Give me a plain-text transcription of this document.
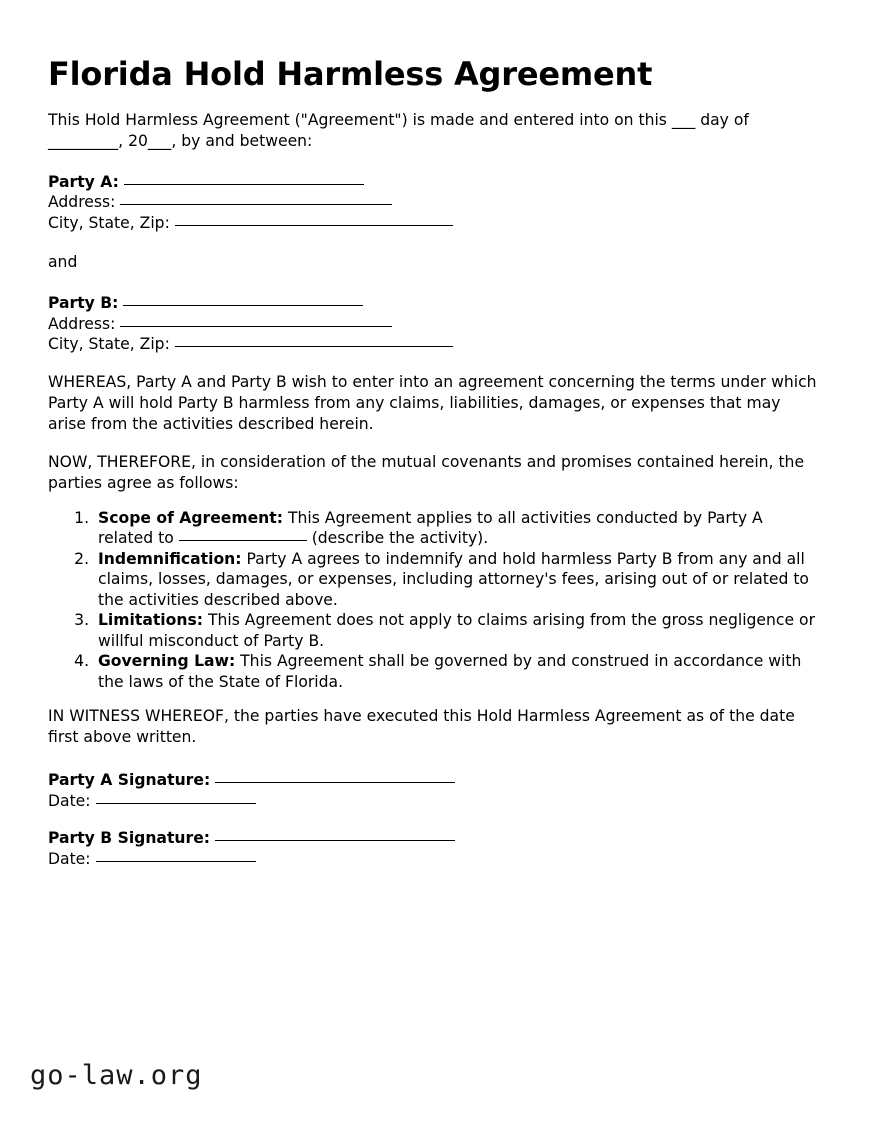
Florida Hold Harmless Agreement

This Hold Harmless Agreement ("Agreement") is made and entered into on this ___ day of _________, 20___, by and between:

Party A:
Address:
City, State, Zip:
and
Party B:
Address:
City, State, Zip:

WHEREAS, Party A and Party B wish to enter into an agreement concerning the terms under which Party A will hold Party B harmless from any claims, liabilities, damages, or expenses that may arise from the activities described herein.

NOW, THEREFORE, in consideration of the mutual covenants and promises contained herein, the parties agree as follows:

1. Scope of Agreement: This Agreement applies to all activities conducted by Party A related to	(describe the activity).
2. Indemnification: Party A agrees to indemnify and hold harmless Party B from any and all claims, losses, damages, or expenses, including attorney's fees, arising out of or related to the activities described above.
3. Limitations: This Agreement does not apply to claims arising from the gross negligence or willful misconduct of Party B.
4. Governing Law: This Agreement shall be governed by and construed in accordance with the laws of the State of Florida.

IN WITNESS WHEREOF, the parties have executed this Hold Harmless Agreement as of the date first above written.

Party A Signature:
Date:
Party B Signature:
Date:
go-law.org
